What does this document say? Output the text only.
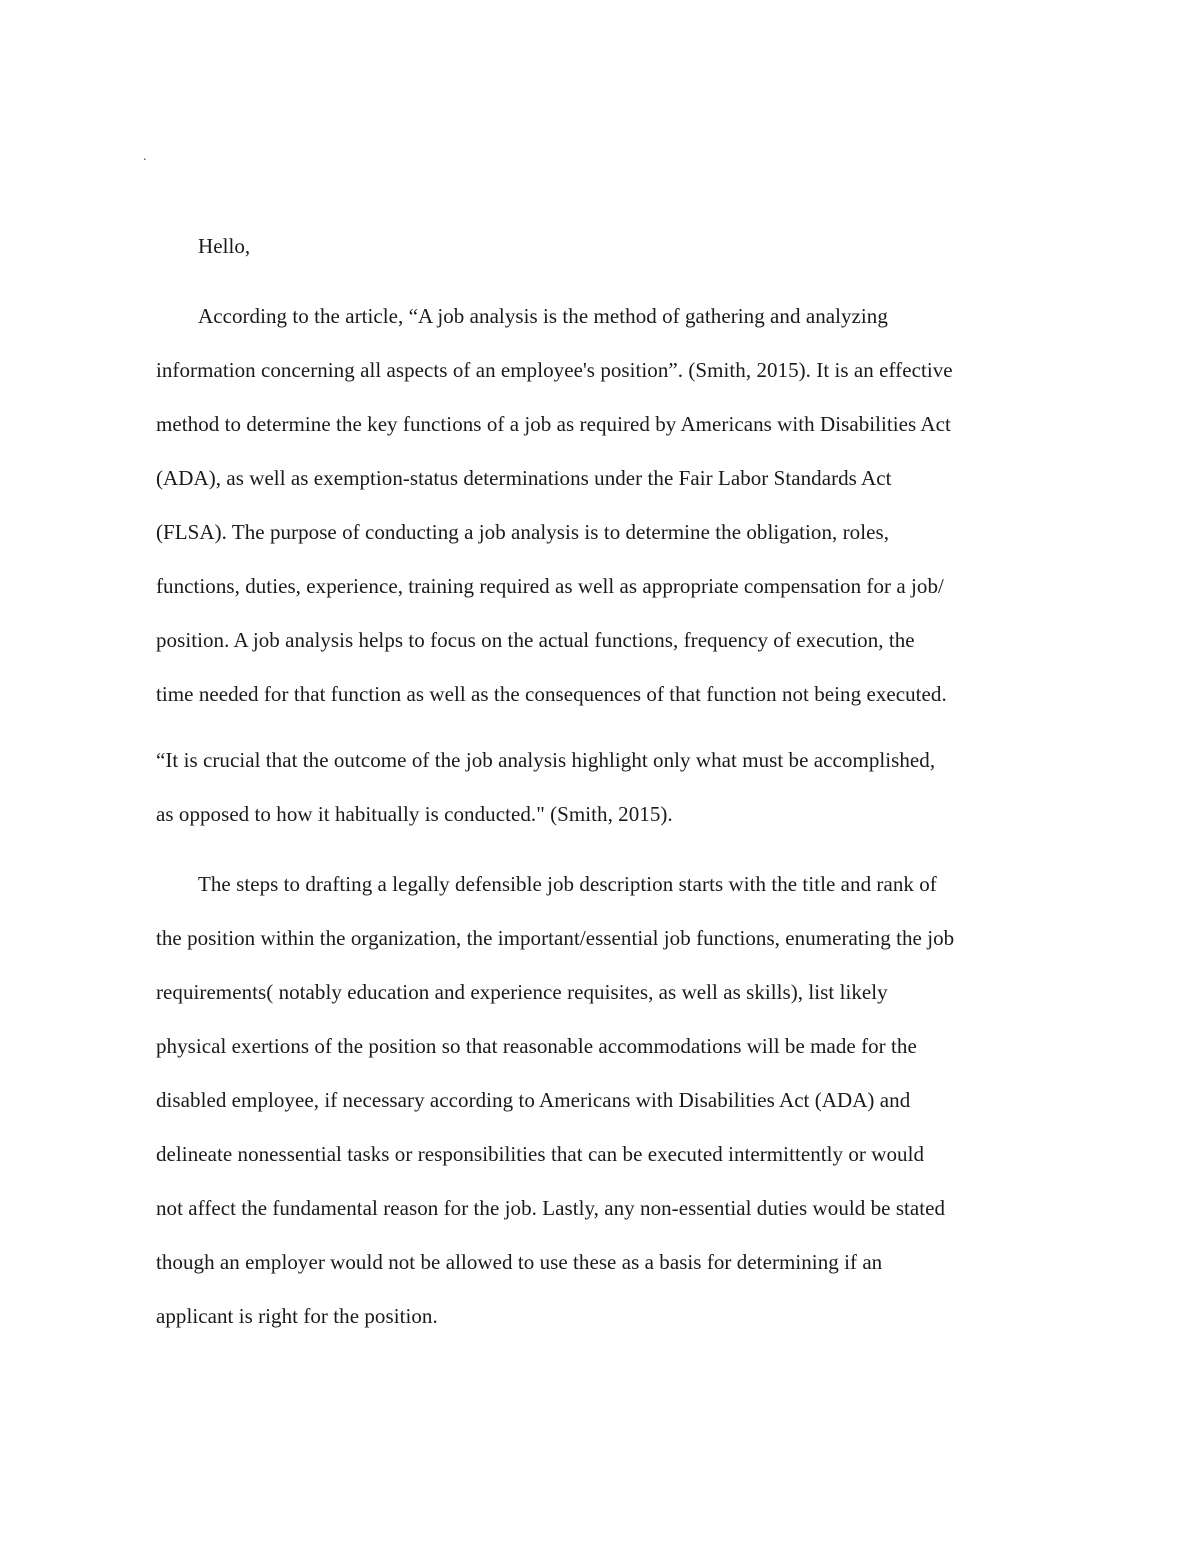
.
Hello,
According to the article, “A job analysis is the method of gathering and analyzing
information concerning all aspects of an employee's position”. (Smith, 2015). It is an effective
method to determine the key functions of a job as required by Americans with Disabilities Act
(ADA), as well as exemption-status determinations under the Fair Labor Standards Act
(FLSA). The purpose of conducting a job analysis is to determine the obligation, roles,
functions, duties, experience, training required as well as appropriate compensation for a job/
position. A job analysis helps to focus on the actual functions, frequency of execution, the
time needed for that function as well as the consequences of that function not being executed.
“It is crucial that the outcome of the job analysis highlight only what must be accomplished,
as opposed to how it habitually is conducted." (Smith, 2015).
The steps to drafting a legally defensible job description starts with the title and rank of
the position within the organization, the important/essential job functions, enumerating the job
requirements( notably education and experience requisites, as well as skills), list likely
physical exertions of the position so that reasonable accommodations will be made for the
disabled employee, if necessary according to Americans with Disabilities Act (ADA) and
delineate nonessential tasks or responsibilities that can be executed intermittently or would
not affect the fundamental reason for the job. Lastly, any non-essential duties would be stated
though an employer would not be allowed to use these as a basis for determining if an
applicant is right for the position.
